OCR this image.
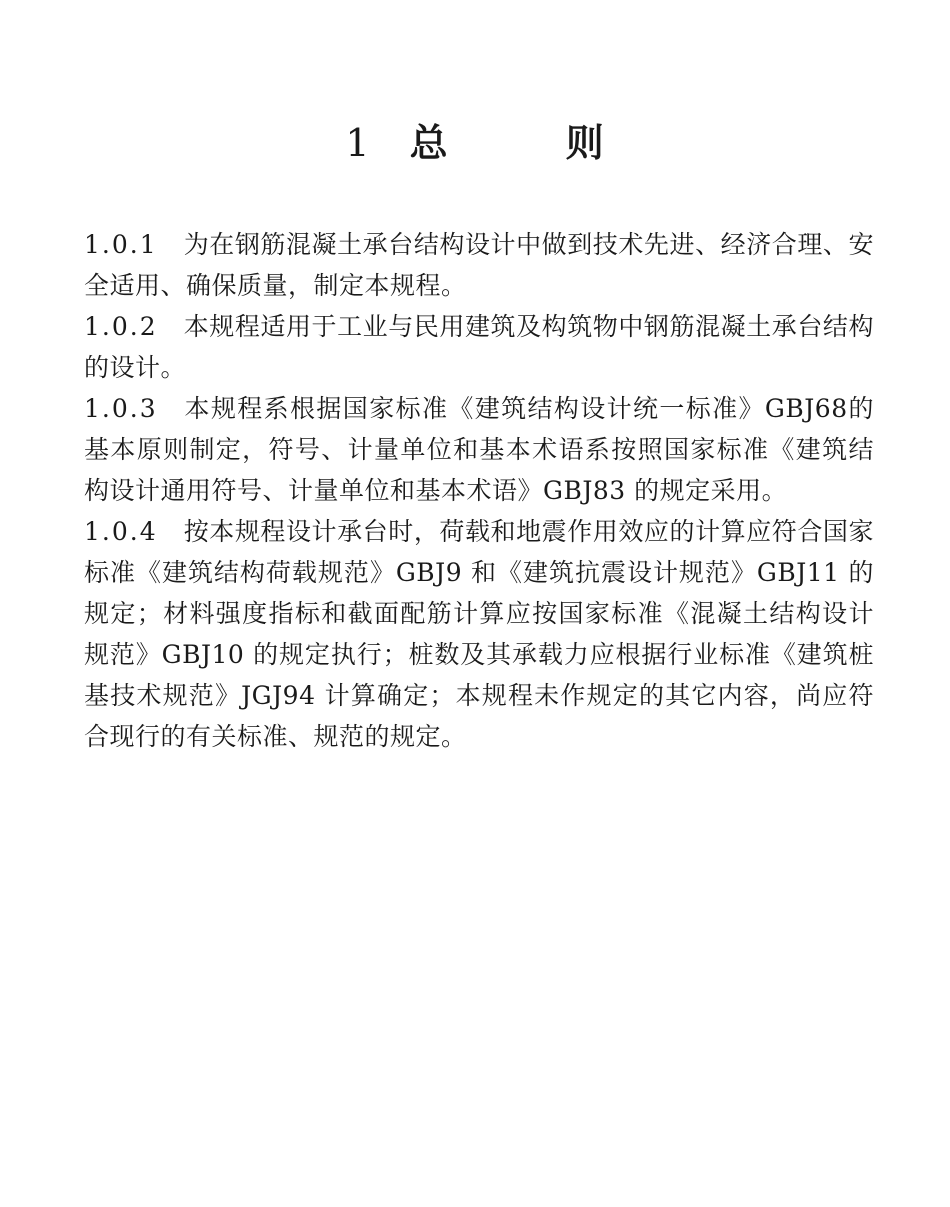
1　 总　　　则

1.0.1 为在钢筋混凝土承台结构设计中做到技术先进、经济合理、安全适用、确保质量，制定本规程。

1.0.2 本规程适用于工业与民用建筑及构筑物中钢筋混凝土承台结构的设计。

1.0.3 本规程系根据国家标准《建筑结构设计统一标准》GBJ68的基本原则制定，符号、计量单位和基本术语系按照国家标准《建筑结构设计通用符号、计量单位和基本术语》GBJ83 的规定采用。

1.0.4 按本规程设计承台时，荷载和地震作用效应的计算应符合国家标准《建筑结构荷载规范》GBJ9 和《建筑抗震设计规范》GBJ11 的规定；材料强度指标和截面配筋计算应按国家标准《混凝土结构设计规范》GBJ10 的规定执行；桩数及其承载力应根据行业标准《建筑桩基技术规范》JGJ94 计算确定；本规程未作规定的其它内容，尚应符合现行的有关标准、规范的规定。
